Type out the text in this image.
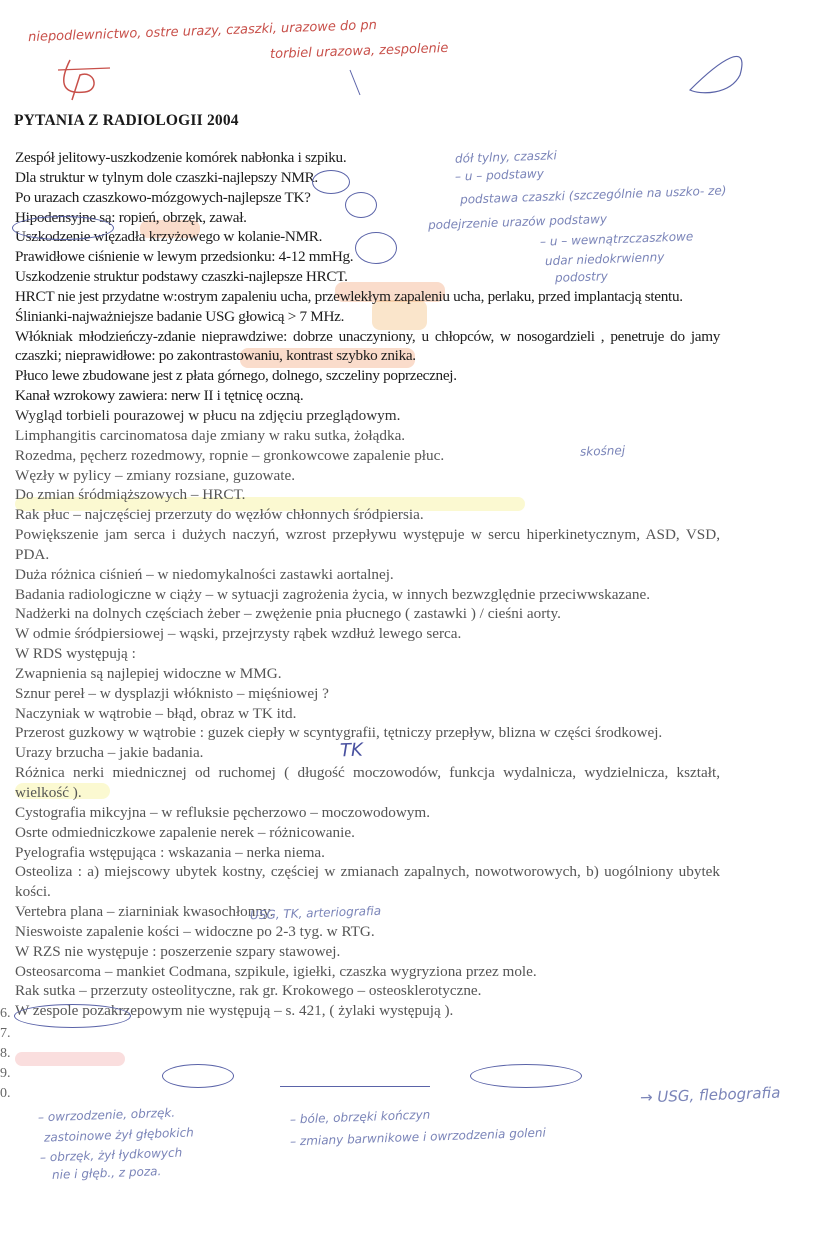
PYTANIA Z RADIOLOGII 2004
Zespół jelitowy-uszkodzenie komórek nabłonka i szpiku.
Dla struktur w tylnym dole czaszki-najlepszy NMR.
Po urazach czaszkowo-mózgowych-najlepsze TK?
Hipodensyjne są: ropień, obrzęk, zawał.
Uszkodzenie więzadła krzyżowego w kolanie-NMR.
Prawidłowe ciśnienie w lewym przedsionku: 4-12 mmHg.
Uszkodzenie struktur podstawy czaszki-najlepsze HRCT.
HRCT nie jest przydatne w:ostrym zapaleniu ucha, przewlekłym zapaleniu ucha, perlaku, przed implantacją stentu.
Ślinianki-najważniejsze badanie USG głowicą > 7 MHz.
Włókniak młodzieńczy-zdanie nieprawdziwe: dobrze unaczyniony, u chłopców, w nosogardzieli , penetruje do jamy czaszki; nieprawidłowe: po zakontrastowaniu, kontrast szybko znika.
Płuco lewe zbudowane jest z płata górnego, dolnego, szczeliny poprzecznej.
Kanał wzrokowy zawiera: nerw II i tętnicę oczną.
Wygląd torbieli pourazowej w płucu na zdjęciu przeglądowym.
Limphangitis carcinomatosa daje zmiany w raku sutka, żołądka.
Rozedma, pęcherz rozedmowy, ropnie – gronkowcowe zapalenie płuc.
Węzły w pylicy – zmiany rozsiane, guzowate.
Do zmian śródmiąższowych – HRCT.
Rak płuc – najczęściej przerzuty do węzłów chłonnych śródpiersia.
Powiększenie jam serca i dużych naczyń, wzrost przepływu występuje w sercu hiperkinetycznym, ASD, VSD, PDA.
Duża różnica ciśnień – w niedomykalności zastawki aortalnej.
Badania radiologiczne w ciąży – w sytuacji zagrożenia życia, w innych bezwzględnie przeciwwskazane.
Nadżerki na dolnych częściach żeber – zwężenie pnia płucnego ( zastawki ) / cieśni aorty.
W odmie śródpiersiowej – wąski, przejrzysty rąbek wzdłuż lewego serca.
W RDS występują :
Zwapnienia są najlepiej widoczne w MMG.
Sznur pereł – w dysplazji włóknisto – mięśniowej ?
Naczyniak w wątrobie – błąd, obraz w TK itd.
Przerost guzkowy w wątrobie : guzek ciepły w scyntygrafii, tętniczy przepływ, blizna w części środkowej.
Urazy brzucha – jakie badania.
Różnica nerki miednicznej od ruchomej ( długość moczowodów, funkcja wydalnicza, wydzielnicza, kształt, wielkość ).
Cystografia mikcyjna – w refluksie pęcherzowo – moczowodowym.
Osrte odmiedniczkowe zapalenie nerek – różnicowanie.
Pyelografia wstępująca : wskazania – nerka niema.
Osteoliza : a) miejscowy ubytek kostny, częściej w zmianach zapalnych, nowotworowych, b) uogólniony ubytek kości.
Vertebra plana – ziarniniak kwasochłonny.
Nieswoiste zapalenie kości – widoczne po 2-3 tyg. w RTG.
W RZS nie występuje : poszerzenie szpary stawowej.
Osteosarcoma – mankiet Codmana, szpikule, igiełki, czaszka wygryziona przez mole.
Rak sutka – przerzuty osteolityczne, rak gr. Krokowego – osteosklerotyczne.
W zespole pozakrzepowym nie występują – s. 421, ( żylaki występują ).
6.
7.
8.
9.
0.
niepodlewnictwo, ostre urazy, czaszki, urazowe do pn
torbiel urazowa, zespolenie
dół tylny, czaszki
– u – podstawy
podstawa czaszki (szczególnie na uszko- ze)
podejrzenie urazów podstawy
– u – wewnątrzczaszkowe
udar niedokrwienny
podostry
skośnej
TK
USG, TK, arteriografia
→ USG, flebografia
– owrzodzenie, obrzęk.
zastoinowe żył głębokich
– obrzęk, żył łydkowych
nie i głęb., z poza.
– bóle, obrzęki kończyn
– zmiany barwnikowe i owrzodzenia goleni
